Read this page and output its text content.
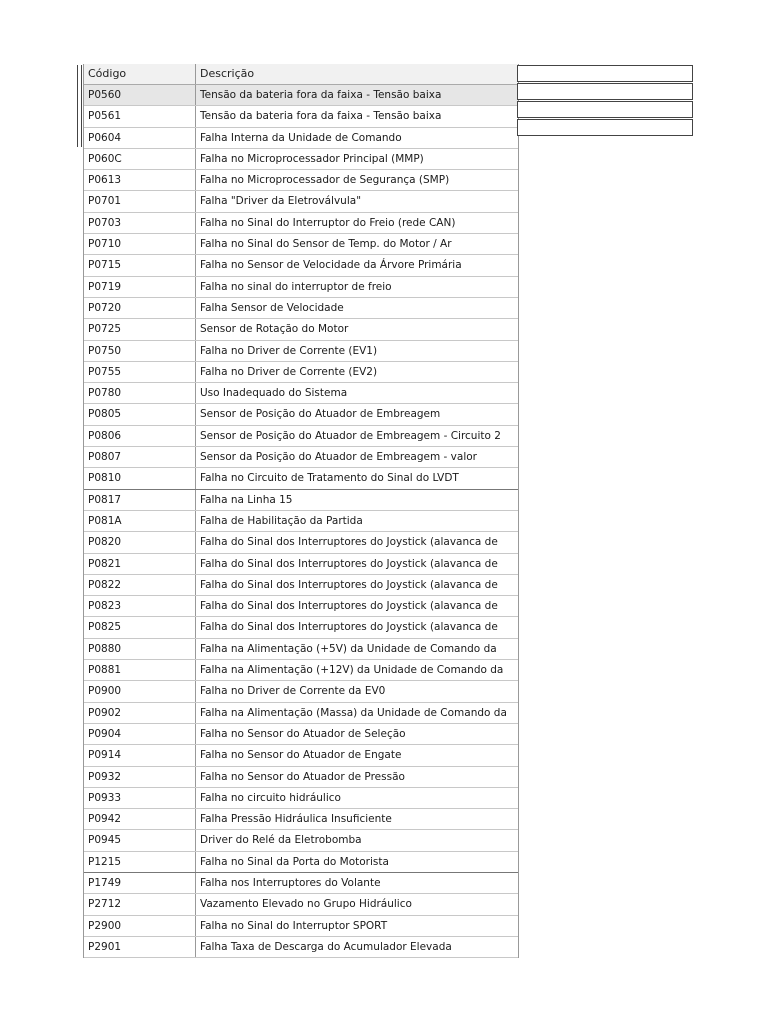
Código	Descrição
P0560	Tensão da bateria fora da faixa - Tensão baixa
P0561	Tensão da bateria fora da faixa - Tensão baixa
P0604	Falha Interna da Unidade de Comando
P060C	Falha no Microprocessador Principal (MMP)
P0613	Falha no Microprocessador de Segurança (SMP)
P0701	Falha "Driver da Eletroválvula"
P0703	Falha no Sinal do Interruptor do Freio (rede CAN)
P0710	Falha no Sinal do Sensor de Temp. do Motor / Ar
P0715	Falha no Sensor de Velocidade da Árvore Primária
P0719	Falha no sinal do interruptor de freio
P0720	Falha Sensor de Velocidade
P0725	Sensor de Rotação do Motor
P0750	Falha no Driver de Corrente (EV1)
P0755	Falha no Driver de Corrente (EV2)
P0780	Uso Inadequado do Sistema
P0805	Sensor de Posição do Atuador de Embreagem
P0806	Sensor de Posição do Atuador de Embreagem - Circuito 2
P0807	Sensor da Posição do Atuador de Embreagem - valor
P0810	Falha no Circuito de Tratamento do Sinal do LVDT
P0817	Falha na Linha 15
P081A	Falha de Habilitação da Partida
P0820	Falha do Sinal dos Interruptores do Joystick (alavanca de
P0821	Falha do Sinal dos Interruptores do Joystick (alavanca de
P0822	Falha do Sinal dos Interruptores do Joystick (alavanca de
P0823	Falha do Sinal dos Interruptores do Joystick (alavanca de
P0825	Falha do Sinal dos Interruptores do Joystick (alavanca de
P0880	Falha na Alimentação (+5V) da Unidade de Comando da
P0881	Falha na Alimentação (+12V) da Unidade de Comando da
P0900	Falha no Driver de Corrente da EV0
P0902	Falha na Alimentação (Massa) da Unidade de Comando da
P0904	Falha no Sensor do Atuador de Seleção
P0914	Falha no Sensor do Atuador de Engate
P0932	Falha no Sensor do Atuador de Pressão
P0933	Falha no circuito hidráulico
P0942	Falha Pressão Hidráulica Insuficiente
P0945	Driver do Relé da Eletrobomba
P1215	Falha no Sinal da Porta do Motorista
P1749	Falha nos Interruptores do Volante
P2712	Vazamento Elevado no Grupo Hidráulico
P2900	Falha no Sinal do Interruptor SPORT
P2901	Falha Taxa de Descarga do Acumulador Elevada
